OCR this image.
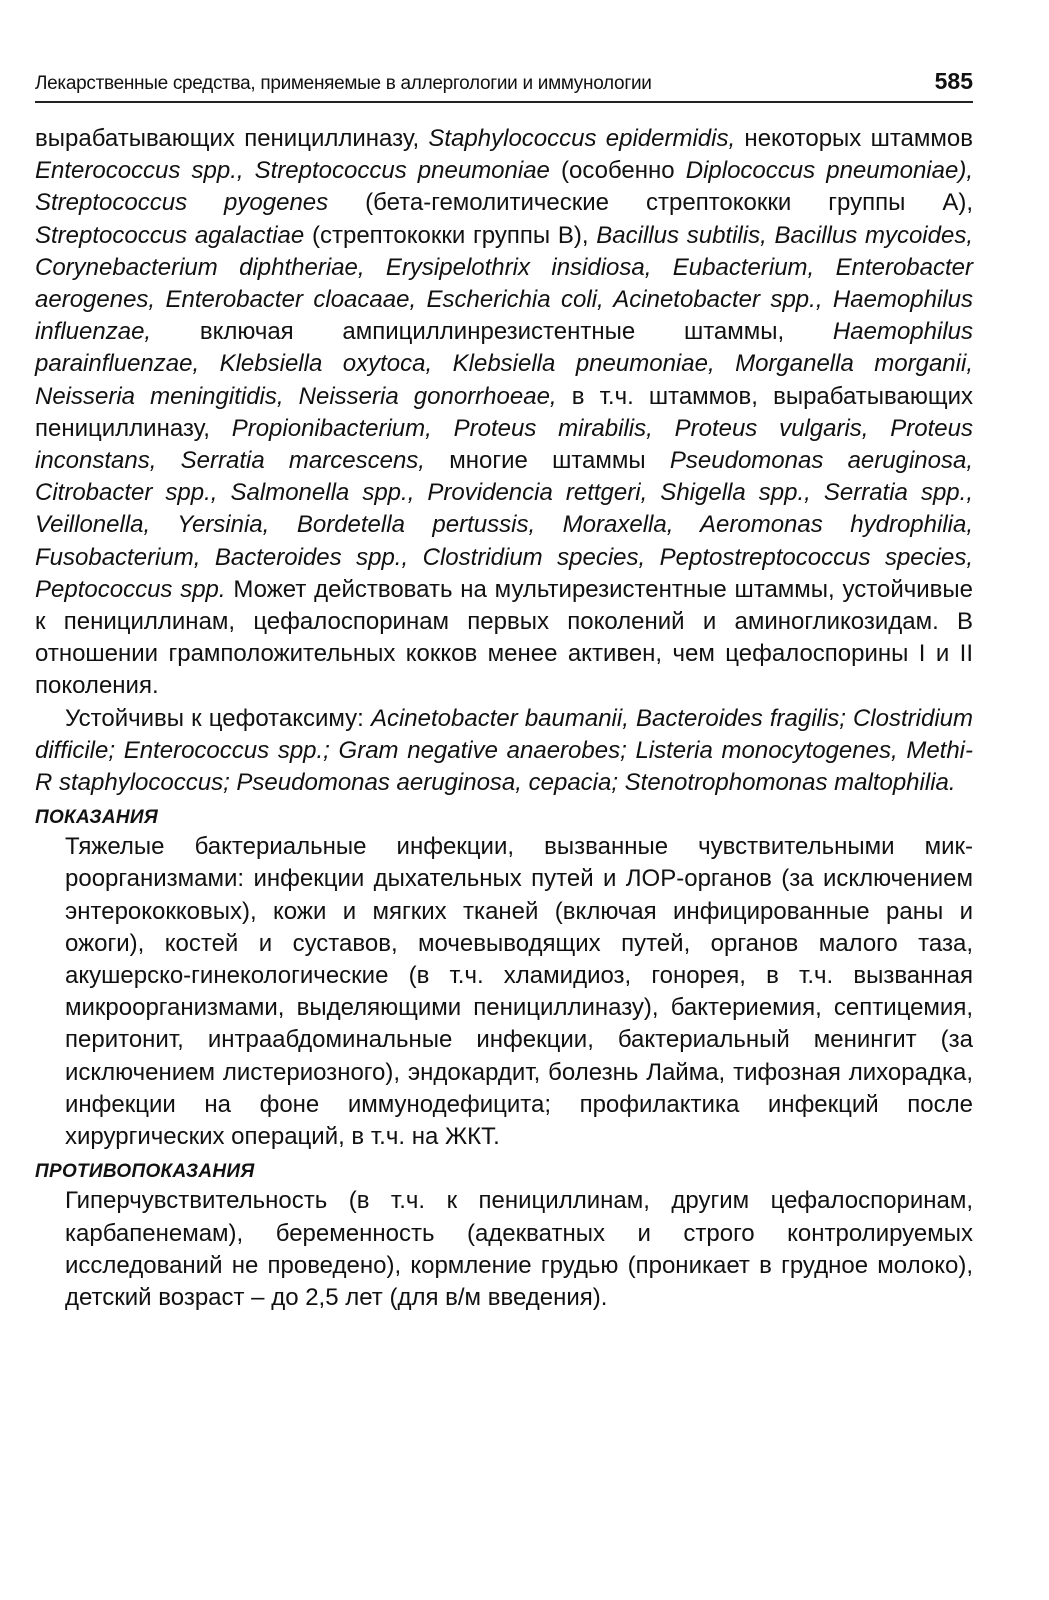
Лекарственные средства, применяемые в аллергологии и иммунологии	585

вырабатывающих пенициллиназу, Staphylococcus epidermidis, некоторых штаммов Enterococcus spp., Streptococcus pneumoniae (особенно Diplococcus pneumoniae), Streptococcus pyogenes (бета-гемолитические стрептококки группы А), Streptococcus agalactiae (стрептококки группы В), Bacillus subtilis, Bacillus mycoides, Corynebacterium diphtheriae, Erysipelothrix insidiosa, Eubacterium, Enterobacter aerogenes, Enterobacter cloacaae, Escherichia coli, Acinetobacter spp., Haemophilus influenzae, включая ампициллинрезистентные штаммы, Haemophilus parainfluenzae, Klebsiella oxytoca, Klebsiella pneumoniae, Morganella morganii, Neisseria meningitidis, Neisseria gonorrhoeae, в т.ч. штаммов, вырабатывающих пенициллиназу, Propionibacterium, Proteus mirabilis, Proteus vulgaris, Proteus inconstans, Serratia marcescens, многие штаммы Pseudomonas aeruginosa, Citrobacter spp., Salmonella spp., Providencia rettgeri, Shigella spp., Serratia spp., Veillonella, Yersinia, Bordetella pertussis, Moraxella, Aeromonas hydrophilia, Fusobacterium, Bacteroides spp., Clostridium species, Peptostreptococcus species, Peptococcus spp. Может действовать на мультирезистентные штаммы, устойчивые к пенициллинам, цефалоспоринам первых поколений и аминогликозидам. В отношении грамположительных кокков менее активен, чем цефалоспорины I и II поколения.

Устойчивы к цефотаксиму: Acinetobacter baumanii, Bacteroides fragilis; Clostridium difficile; Enterococcus spp.; Gram negative anaerobes; Listeria monocytogenes, Methi-R staphylococcus; Pseudomonas aeruginosa, cepacia; Stenotrophomonas maltophilia.

ПОКАЗАНИЯ

Тяжелые бактериальные инфекции, вызванные чувствительными микроорганизмами: инфекции дыхательных путей и ЛОР-органов (за исключением энтерококковых), кожи и мягких тканей (включая инфицированные раны и ожоги), костей и суставов, мочевыводящих путей, органов малого таза, акушерско-гинекологические (в т.ч. хламидиоз, гонорея, в т.ч. вызванная микроорганизмами, выделяющими пенициллиназу), бактериемия, септицемия, перитонит, интраабдоминальные инфекции, бактериальный менингит (за исключением листериозного), эндокардит, болезнь Лайма, тифозная лихорадка, инфекции на фоне иммунодефицита; профилактика инфекций после хирургических операций, в т.ч. на ЖКТ.

ПРОТИВОПОКАЗАНИЯ

Гиперчувствительность (в т.ч. к пенициллинам, другим цефалоспоринам, карбапенемам), беременность (адекватных и строго контролируемых исследований не проведено), кормление грудью (проникает в грудное молоко), детский возраст – до 2,5 лет (для в/м введения).
